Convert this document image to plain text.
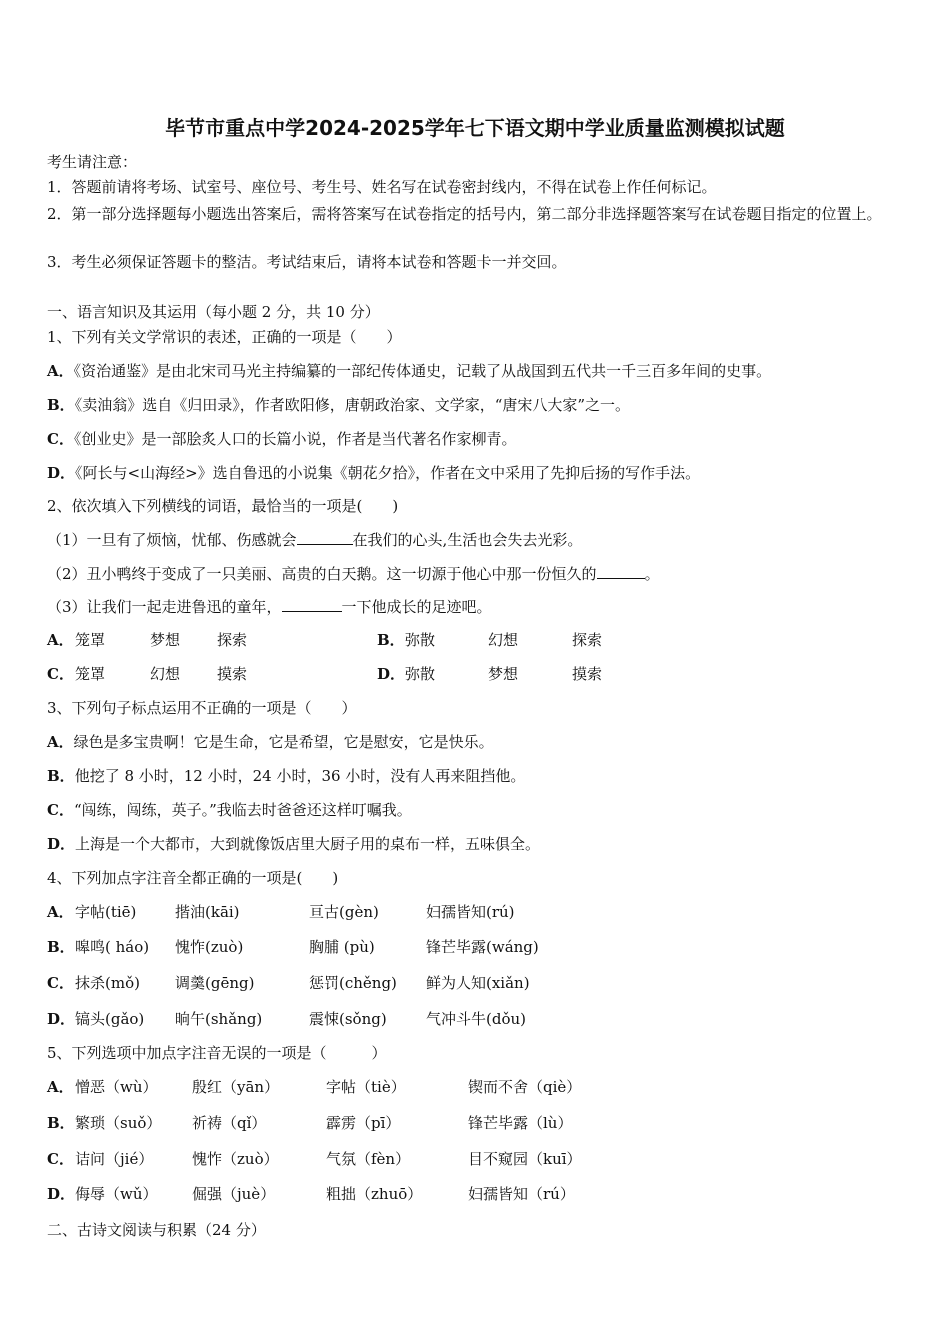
毕节市重点中学2024-2025学年七下语文期中学业质量监测模拟试题
考生请注意：
1．答题前请将考场、试室号、座位号、考生号、姓名写在试卷密封线内，不得在试卷上作任何标记。
2．第一部分选择题每小题选出答案后，需将答案写在试卷指定的括号内，第二部分非选择题答案写在试卷题目指定的位置上。
3．考生必须保证答题卡的整洁。考试结束后，请将本试卷和答题卡一并交回。
一、语言知识及其运用（每小题 2 分，共 10 分）
1、下列有关文学常识的表述，正确的一项是（　　）
A．《资治通鉴》是由北宋司马光主持编纂的一部纪传体通史，记载了从战国到五代共一千三百多年间的史事。
B．《卖油翁》选自《归田录》，作者欧阳修，唐朝政治家、文学家，“唐宋八大家”之一。
C．《创业史》是一部脍炙人口的长篇小说，作者是当代著名作家柳青。
D．《阿长与<山海经>》选自鲁迅的小说集《朝花夕拾》，作者在文中采用了先抑后扬的写作手法。
2、依次填入下列横线的词语，最恰当的一项是(　　)
（1）一旦有了烦恼，忧郁、伤感就会	在我们的心头,生活也会失去光彩。
（2）丑小鸭终于变成了一只美丽、高贵的白天鹅。这一切源于他心中那一份恒久的	。
（3）让我们一起走进鲁迅的童年，	一下他成长的足迹吧。
A． 笼罩	梦想 探索	B． 弥散	幻想	探索
C． 笼罩	幻想 摸索	D． 弥散	梦想	摸索
3、下列句子标点运用不正确的一项是（　　）
A．绿色是多宝贵啊！它是生命，它是希望，它是慰安，它是快乐。
B．他挖了 8 小时，12 小时，24 小时，36 小时，没有人再来阻挡他。
C．“闯练，闯练，英子。”我临去时爸爸还这样叮嘱我。
D．上海是一个大都市，大到就像饭店里大厨子用的桌布一样，五味俱全。
4、下列加点字注音全都正确的一项是(　　)
A． 字帖(tiē)	揩油(kāi)	亘古(gèn)	妇孺皆知(rú)
B． 嗥鸣( háo) 愧怍(zuò)	胸脯 (pù)	锋芒毕露(wáng)
C． 抹杀(mǒ) 调羹(gēng)	惩罚(chěng) 鲜为人知(xiǎn)
D． 镐头(gǎo) 晌午(shǎng)	震悚(sǒng)	气冲斗牛(dǒu)
5、下列选项中加点字注音无误的一项是（　　　）
A． 憎恶（wù） 殷红（yān）	字帖（tiè）	锲而不舍（qiè）
B． 繁琐（suǒ） 祈祷（qǐ）	霹雳（pī）	锋芒毕露（lù）
C． 诘问（jié）	愧怍（zuò）	气氛（fèn）	目不窥园（kuī）
D． 侮辱（wǔ） 倔强（juè）	粗拙（zhuō）	妇孺皆知（rú）
二、古诗文阅读与积累（24 分）
